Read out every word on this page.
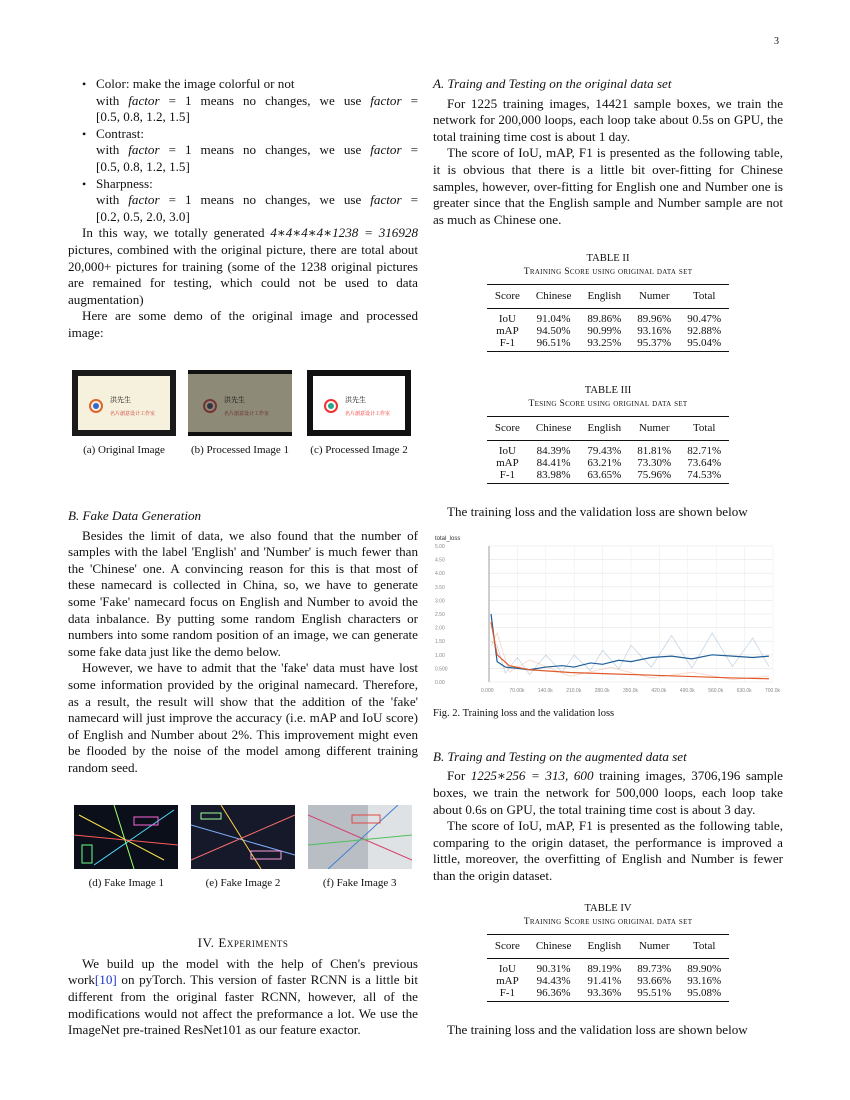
3
• Color: make the image colorful or not

with factor = 1 means no changes, we use factor =
[0.5, 0.8, 1.2, 1.5]
• Contrast:

with factor = 1 means no changes, we use factor =
[0.5, 0.8, 1.2, 1.5]
• Sharpness:

with factor = 1 means no changes, we use factor =
[0.2, 0.5, 2.0, 3.0]

In this way, we totally generated 4∗4∗4∗4∗1238 = 316928 pictures, combined with the original picture, there are total about 20,000+ pictures for training (some of the 1238 original pictures are remained for testing, which could not be used to data augmentation)

Here are some demo of the original image and processed image:

洪先生
名片創意设计工作室
(a) Original Image
洪先生
名片創意设计工作室
(b) Processed Image 1
洪先生
名片創意设计工作室
(c) Processed Image 2

B. Fake Data Generation

Besides the limit of data, we also found that the number of samples with the label 'English' and 'Number' is much fewer than the 'Chinese' one. A convincing reason for this is that most of these namecard is collected in China, so, we have to generate some 'Fake' namecard focus on English and Number to avoid the data inbalance. By putting some random English characters or numbers into some random position of an image, we can generate some fake data just like the demo below.

However, we have to admit that the 'fake' data must have lost some information provided by the original namecard. Therefore, as a result, the result will show that the addition of the 'fake' namecard will just improve the accuracy (i.e. mAP and IoU score) of English and Number about 2%. This improvement might even be flooded by the noise of the model among different training random seed.

(d) Fake Image 1	(e) Fake Image 2	(f) Fake Image 3

IV. Experiments

We build up the model with the help of Chen's previous work[10] on pyTorch. This version of faster RCNN is a little bit different from the original faster RCNN, however, all of the modifications would not affect the preformance a lot. We use the ImageNet pre-trained ResNet101 as our feature exactor.

A. Traing and Testing on the original data set

For 1225 training images, 14421 sample boxes, we train the network for 200,000 loops, each loop take about 0.5s on GPU, the total training time cost is about 1 day.

The score of IoU, mAP, F1 is presented as the following table, it is obvious that there is a little bit over-fitting for Chinese samples, however, over-fitting for English one and Number one is greater since that the English sample and Number sample are not as much as Chinese one.

TABLE II
Training Score using original data set
Score	Chinese	English	Numer	Total
IoU	91.04%	89.86%	89.96%	90.47%
mAP	94.50%	90.99%	93.16%	92.88%
F-1	96.51%	93.25%	95.37%	95.04%
TABLE III
Tesing Score using original data set
Score	Chinese	English	Numer	Total
IoU	84.39%	79.43%	81.81%	82.71%
mAP	84.41%	63.21%	73.30%	73.64%
F-1	83.98%	63.65%	75.96%	74.53%

The training loss and the validation loss are shown below

total_loss
0.00
0.500
1.00
1.50
2.00
2.50
3.00
3.50
4.00
4.50
5.00
0.000	70.00k	140.0k	210.0k	280.0k	350.0k	420.0k	490.0k	560.0k	630.0k	700.0k
Fig. 2. Training loss and the validation loss

B. Traing and Testing on the augmented data set

For 1225∗256 = 313, 600 training images, 3706,196 sample boxes, we train the network for 500,000 loops, each loop take about 0.6s on GPU, the total training time cost is about 3 day.

The score of IoU, mAP, F1 is presented as the following table, comparing to the origin dataset, the performance is improved a little, moreover, the overfitting of English and Number is fewer than the origin dataset.

TABLE IV
Training Score using original data set
Score	Chinese	English	Numer	Total
IoU	90.31%	89.19%	89.73%	89.90%
mAP	94.43%	91.41%	93.66%	93.16%
F-1	96.36%	93.36%	95.51%	95.08%

The training loss and the validation loss are shown below
